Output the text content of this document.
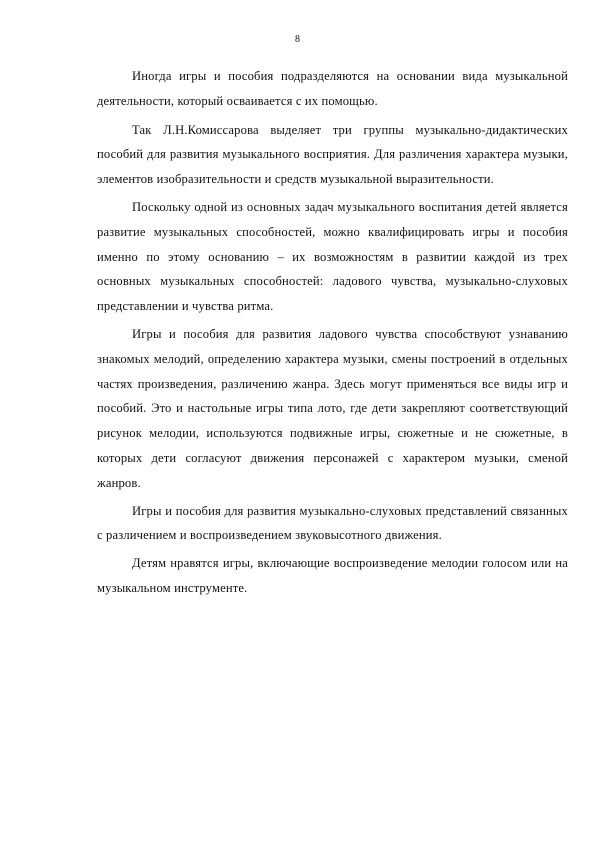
8

Иногда игры и пособия подразделяются на основании вида музыкальной деятельности, который осваивается с их помощью.

Так Л.Н.Комиссарова выделяет три группы музыкально-дидактических пособий для развития музыкального восприятия. Для различения характера музыки, элементов изобразительности и средств музыкальной выразительности.

Поскольку одной из основных задач музыкального воспитания детей является развитие музыкальных способностей, можно квалифицировать игры и пособия именно по этому основанию – их возможностям в развитии каждой из трех основных музыкальных способностей: ладового чувства, музыкально-слуховых представлении и чувства ритма.

Игры и пособия для развития ладового чувства способствуют узнаванию знакомых мелодий, определению характера музыки, смены построений в отдельных частях произведения, различению жанра. Здесь могут применяться все виды игр и пособий. Это и настольные игры типа лото, где дети закрепляют соответствующий рисунок мелодии, используются подвижные игры, сюжетные и не сюжетные, в которых дети согласуют движения персонажей с характером музыки, сменой жанров.

Игры и пособия для развития музыкально-слуховых представлений связанных с различением и воспроизведением звуковысотного движения.

Детям нравятся игры, включающие воспроизведение мелодии голосом или на музыкальном инструменте.
